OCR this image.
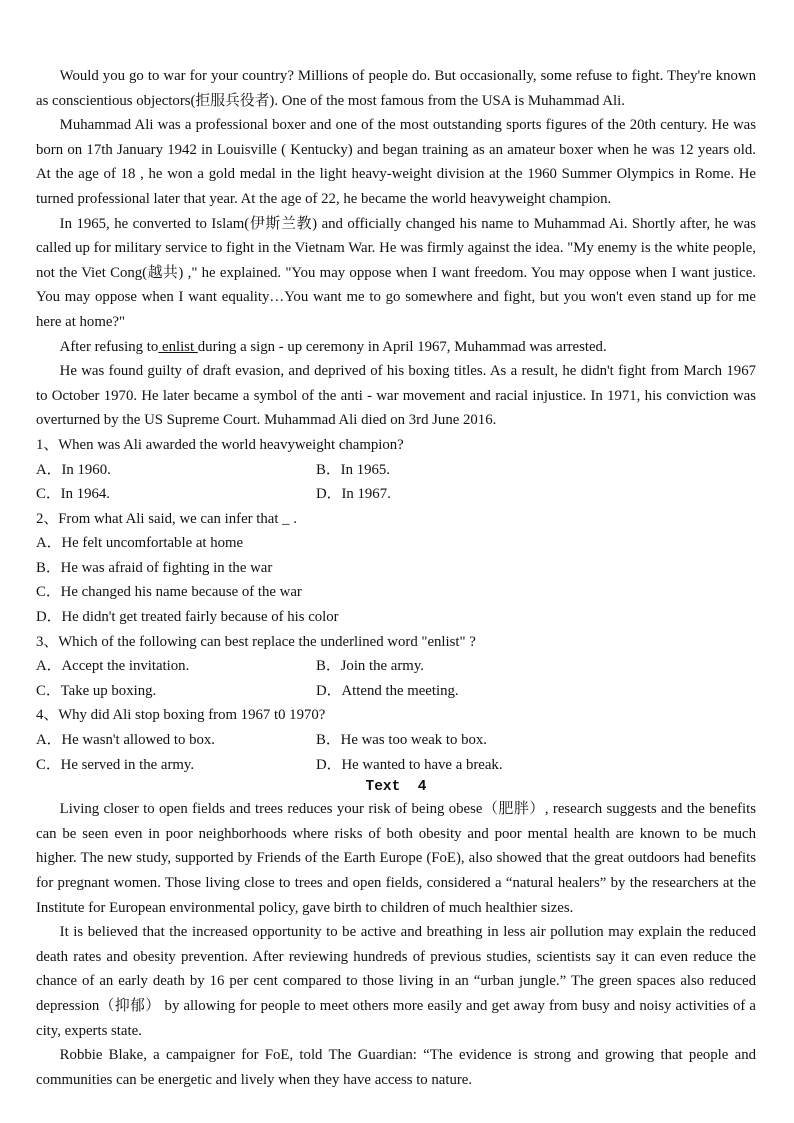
Would you go to war for your country? Millions of people do. But occasionally, some refuse to fight. They're known as conscientious objectors(拒服兵役者). One of the most famous from the USA is Muhammad Ali.

Muhammad Ali was a professional boxer and one of the most outstanding sports figures of the 20th century. He was born on 17th January 1942 in Louisville ( Kentucky) and began training as an amateur boxer when he was 12 years old. At the age of 18 , he won a gold medal in the light heavy-weight division at the 1960 Summer Olympics in Rome. He turned professional later that year. At the age of 22, he became the world heavyweight champion.

In 1965, he converted to Islam(伊斯兰教) and officially changed his name to Muhammad Ai. Shortly after, he was called up for military service to fight in the Vietnam War. He was firmly against the idea. "My enemy is the white people, not the Viet Cong(越共) ," he explained. "You may oppose when I want freedom. You may oppose when I want justice. You may oppose when I want equality…You want me to go somewhere and fight, but you won't even stand up for me here at home?"

After refusing to enlist during a sign - up ceremony in April 1967, Muhammad was arrested.

He was found guilty of draft evasion, and deprived of his boxing titles. As a result, he didn't fight from March 1967 to October 1970. He later became a symbol of the anti - war movement and racial injustice. In 1971, his conviction was overturned by the US Supreme Court. Muhammad Ali died on 3rd June 2016.

1、When was Ali awarded the world heavyweight champion?

A．In 1960.	B．In 1965.
C．In 1964.	D．In 1967.

2、From what Ali said, we can infer that _ .

A．He felt uncomfortable at home

B．He was afraid of fighting in the war

C．He changed his name because of the war

D．He didn't get treated fairly because of his color

3、Which of the following can best replace the underlined word "enlist" ?

A．Accept the invitation.	B．Join the army.
C．Take up boxing.	D．Attend the meeting.

4、Why did Ali stop boxing from 1967 t0 1970?

A．He wasn't allowed to box.	B．He was too weak to box.
C．He served in the army.	D．He wanted to have a break.

Text  4

Living closer to open fields and trees reduces your risk of being obese（肥胖）, research suggests and the benefits can be seen even in poor neighborhoods where risks of both obesity and poor mental health are known to be much higher. The new study, supported by Friends of the Earth Europe (FoE), also showed that the great outdoors had benefits for pregnant women. Those living close to trees and open fields, considered a “natural healers” by the researchers at the Institute for European environmental policy, gave birth to children of much healthier sizes.

It is believed that the increased opportunity to be active and breathing in less air pollution may explain the reduced death rates and obesity prevention. After reviewing hundreds of previous studies, scientists say it can even reduce the chance of an early death by 16 per cent compared to those living in an “urban jungle.” The green spaces also reduced depression（抑郁） by allowing for people to meet others more easily and get away from busy and noisy activities of a city, experts state.

Robbie Blake, a campaigner for FoE, told The Guardian: “The evidence is strong and growing that people and communities can be energetic and lively when they have access to nature.
